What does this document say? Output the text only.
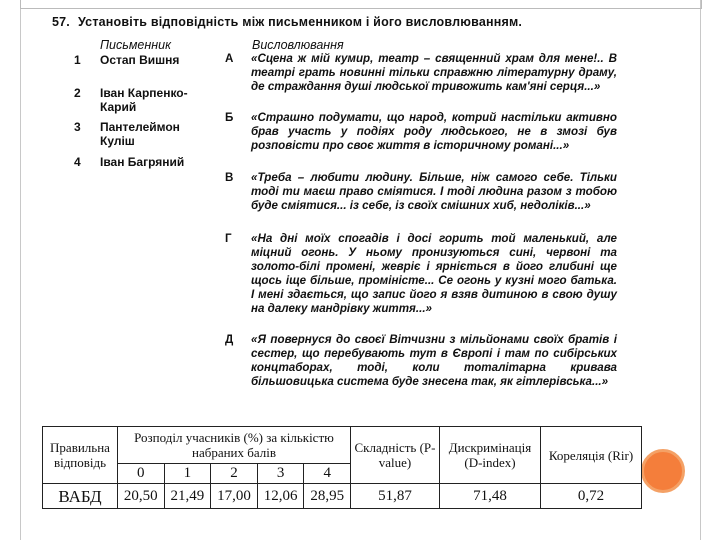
57. Установіть відповідність між письменником і його висловлюванням.
Письменник	Висловлювання
1	Остап Вишня
2	Іван Карпенко-Карий
3	Пантелеймон Куліш
4	Іван Багряний
А «Сцена ж мій кумир, театр – священний храм для мене!.. В театрі грать новинні тільки справжню літературну драму, де страждання душі людської тривожить кам'яні серця...»
Б «Страшно подумати, що народ, котрий настільки активно брав участь у подіях роду людського, не в змозі був розповісти про своє життя в історичному романі...»
В «Треба – любити людину. Більше, ніж самого себе. Тільки тоді ти маєш право сміятися. І тоді людина разом з тобою буде сміятися... із себе, із своїх смішних хиб, недоліків...»
Г «На дні моїх спогадів і досі горить той маленький, але міцний огонь. У ньому пронизуються сині, червоні та золото-білі промені, жевріє і ярніється в його глибині ще щось іще більше, проміністе... Се огонь у кузні мого батька. І мені здається, що запис його я взяв дитиною в свою душу на далеку мандрівку життя...»
Д «Я повернуся до своєї Вітчизни з мільйонами своїх братів і сестер, що перебувають тут в Європі і там по сибірських концтаборах, тоді, коли тоталітарна кривава більшовицька система буде знесена так, як гітлерівська...»
Правильна відповідь	Розподіл учасників (%) за кількістю набраних балів					Складність (P-value)	Дискримінація (D-index)	Кореляція (Rir)
	0	1	2	3	4			
ВАБД	20,50	21,49	17,00	12,06	28,95	51,87	71,48	0,72
